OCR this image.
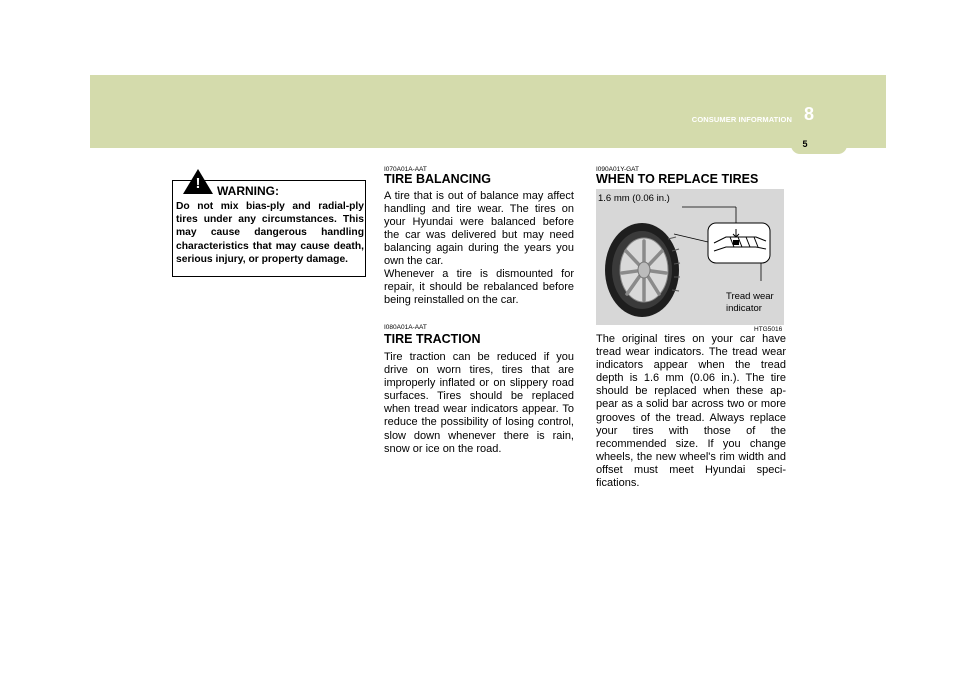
CONSUMER INFORMATION 8
5
!	WARNING:
Do not mix bias-ply and radial-ply tires under any circumstances. This may cause dangerous handling characteristics that may cause death, serious injury, or property damage.
I070A01A-AAT
TIRE BALANCING
A tire that is out of balance may affect handling and tire wear. The tires on your Hyundai were balanced before the car was delivered but may need balancing again during the years you own the car.
Whenever a tire is dismounted for repair, it should be rebalanced before being reinstalled on the car.
I080A01A-AAT
TIRE TRACTION
Tire traction can be reduced if you drive on worn tires, tires that are improperly inflated or on slippery road surfaces. Tires should be replaced when tread wear indicators appear. To reduce the possibility of losing control, slow down whenever there is rain, snow or ice on the road.
I090A01Y-GAT
WHEN TO REPLACE TIRES
1.6 mm (0.06 in.)
Tread wear
indicator
HTG5016
The original tires on your car have tread wear indicators. The tread wear indicators appear when the tread depth is 1.6 mm (0.06 in.). The tire should be replaced when these ap-pear as a solid bar across two or more grooves of the tread. Always replace your tires with those of the recommended size. If you change wheels, the new wheel's rim width and offset must meet Hyundai speci-fications.
